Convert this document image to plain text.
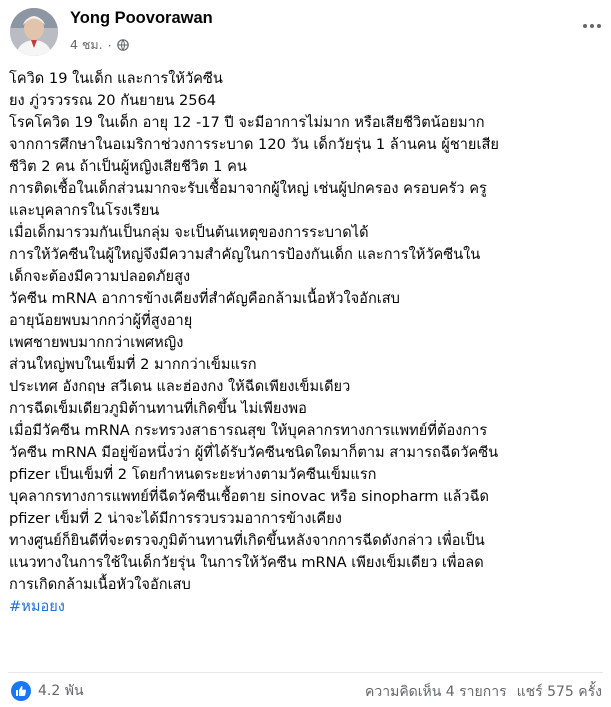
Yong Poovorawan
4 ชม. ·
โควิด 19 ในเด็ก และการให้วัคซีน
ยง ภู่วรวรรณ 20 กันยายน 2564
โรคโควิด 19 ในเด็ก อายุ 12 -17 ปี จะมีอาการไม่มาก หรือเสียชีวิตน้อยมาก
จากการศึกษาในอเมริกาช่วงการระบาด 120 วัน เด็กวัยรุ่น 1 ล้านคน ผู้ชายเสีย
ชีวิต 2 คน ถ้าเป็นผู้หญิงเสียชีวิต 1 คน
การติดเชื้อในเด็กส่วนมากจะรับเชื้อมาจากผู้ใหญ่ เช่นผู้ปกครอง ครอบครัว ครู
และบุคลากรในโรงเรียน
เมื่อเด็กมารวมกันเป็นกลุ่ม จะเป็นต้นเหตุของการระบาดได้
การให้วัคซีนในผู้ใหญ่จึงมีความสำคัญในการป้องกันเด็ก และการให้วัคซีนใน
เด็กจะต้องมีความปลอดภัยสูง
วัคซีน mRNA อาการข้างเคียงที่สำคัญคือกล้ามเนื้อหัวใจอักเสบ
อายุน้อยพบมากกว่าผู้ที่สูงอายุ
เพศชายพบมากกว่าเพศหญิง
ส่วนใหญ่พบในเข็มที่ 2 มากกว่าเข็มแรก
ประเทศ อังกฤษ สวีเดน และฮ่องกง ให้ฉีดเพียงเข็มเดียว
การฉีดเข็มเดียวภูมิต้านทานที่เกิดขึ้น ไม่เพียงพอ
เมื่อมีวัคซีน mRNA กระทรวงสาธารณสุข ให้บุคลากรทางการแพทย์ที่ต้องการ
วัคซีน mRNA มีอยู่ข้อหนึ่งว่า ผู้ที่ได้รับวัคซีนชนิดใดมาก็ตาม สามารถฉีดวัคซีน
pfizer เป็นเข็มที่ 2 โดยกำหนดระยะห่างตามวัคซีนเข็มแรก
บุคลากรทางการแพทย์ที่ฉีดวัคซีนเชื้อตาย sinovac หรือ sinopharm แล้วฉีด
pfizer เข็มที่ 2 น่าจะได้มีการรวบรวมอาการข้างเคียง
ทางศูนย์ก็ยินดีที่จะตรวจภูมิต้านทานที่เกิดขึ้นหลังจากการฉีดดังกล่าว เพื่อเป็น
แนวทางในการใช้ในเด็กวัยรุ่น ในการให้วัคซีน mRNA เพียงเข็มเดียว เพื่อลด
การเกิดกล้ามเนื้อหัวใจอักเสบ
#หมอยง
4.2 พัน	ความคิดเห็น 4 รายการ แชร์ 575 ครั้ง
